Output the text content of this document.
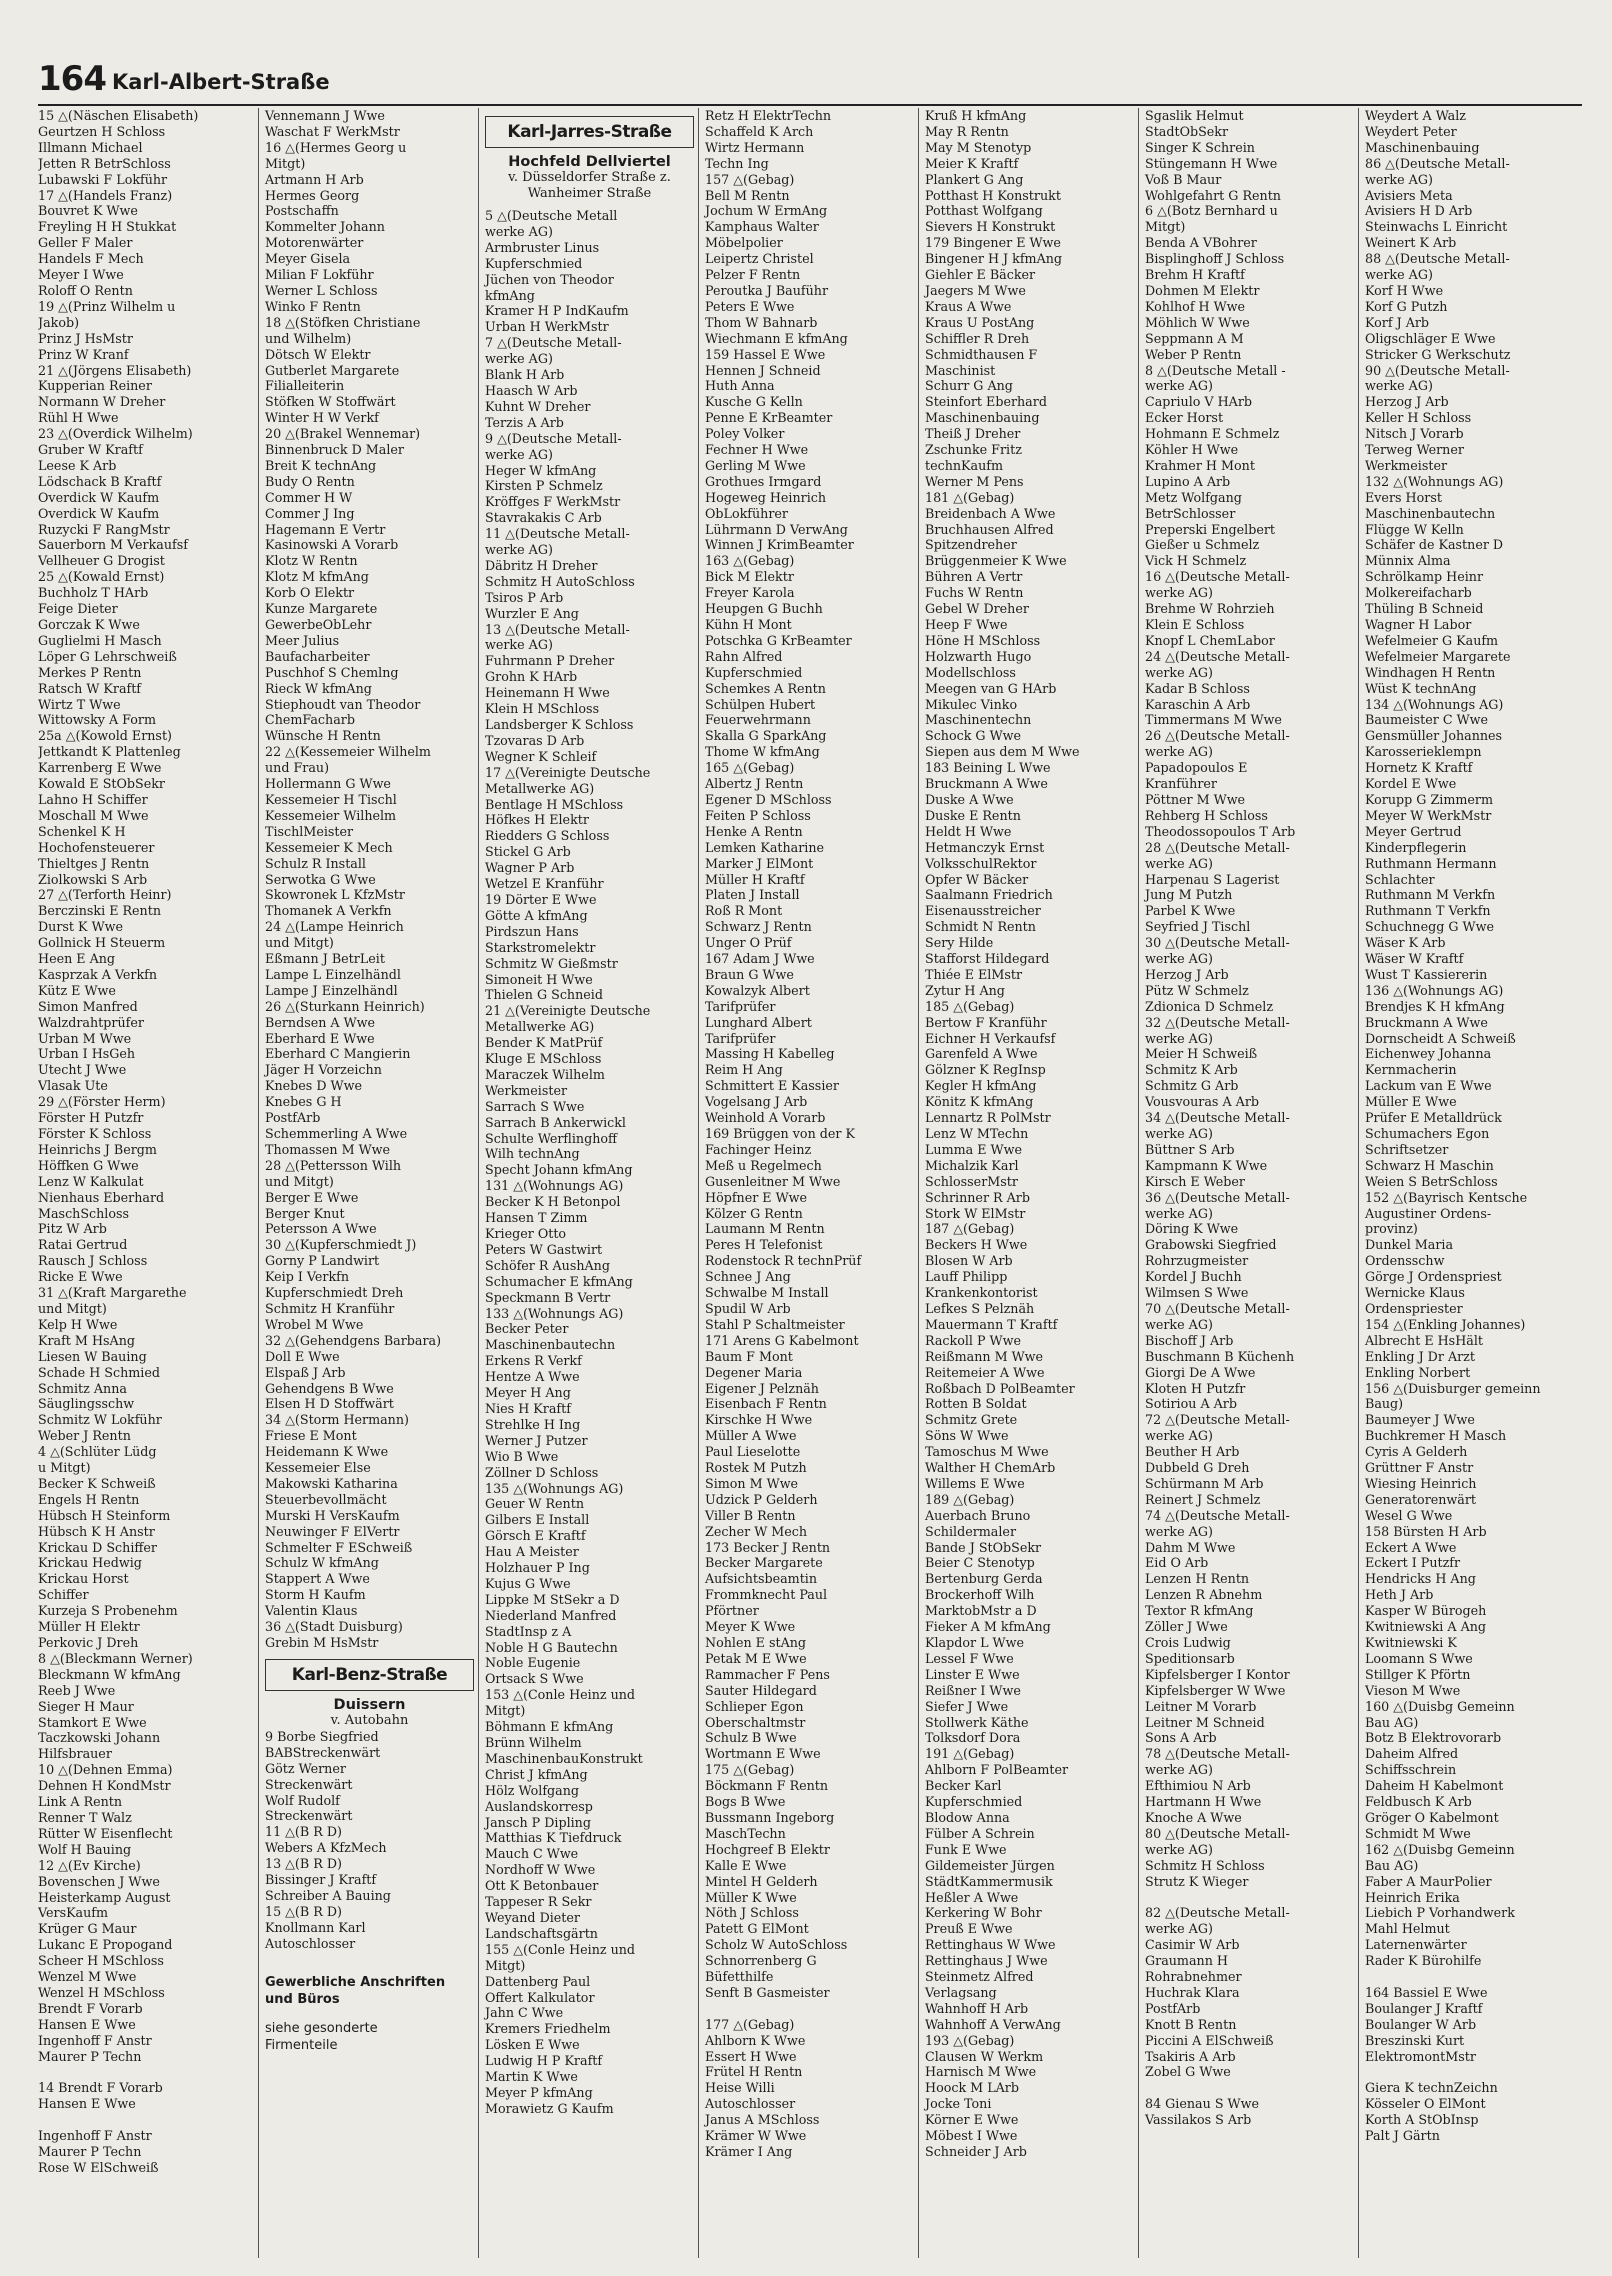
164 Karl-Albert-Straße
15 △(Näschen Elisabeth)
Geurtzen H Schloss
Illmann Michael
Jetten R BetrSchloss
Lubawski F Lokführ
17 △(Handels Franz)
Bouvret K Wwe
Freyling H H Stukkat
Geller F Maler
Handels F Mech
Meyer I Wwe
Roloff O Rentn
19 △(Prinz Wilhelm u
Jakob)
Prinz J HsMstr
Prinz W Kranf
21 △(Jörgens Elisabeth)
Kupperian Reiner
Normann W Dreher
Rühl H Wwe
23 △(Overdick Wilhelm)
Gruber W Kraftf
Leese K Arb
Lödschack B Kraftf
Overdick W Kaufm
Overdick W Kaufm
Ruzycki F RangMstr
Sauerborn M Verkaufsf
Vellheuer G Drogist
25 △(Kowald Ernst)
Buchholz T HArb
Feige Dieter
Gorczak K Wwe
Guglielmi H Masch
Löper G Lehrschweiß
Merkes P Rentn
Ratsch W Kraftf
Wirtz T Wwe
Wittowsky A Form
25a △(Kowold Ernst)
Jettkandt K Plattenleg
Karrenberg E Wwe
Kowald E StObSekr
Lahno H Schiffer
Moschall M Wwe
Schenkel K H
Hochofensteuerer
Thieltges J Rentn
Ziolkowski S Arb
27 △(Terforth Heinr)
Berczinski E Rentn
Durst K Wwe
Gollnick H Steuerm
Heen E Ang
Kasprzak A Verkfn
Kütz E Wwe
Simon Manfred
Walzdrahtprüfer
Urban M Wwe
Urban I HsGeh
Utecht J Wwe
Vlasak Ute
29 △(Förster Herm)
Förster H Putzfr
Förster K Schloss
Heinrichs J Bergm
Höffken G Wwe
Lenz W Kalkulat
Nienhaus Eberhard
MaschSchloss
Pitz W Arb
Ratai Gertrud
Rausch J Schloss
Ricke E Wwe
31 △(Kraft Margarethe
und Mitgt)
Kelp H Wwe
Kraft M HsAng
Liesen W Bauing
Schade H Schmied
Schmitz Anna
Säuglingsschw
Schmitz W Lokführ
Weber J Rentn
4 △(Schlüter Lüdg
u Mitgt)
Becker K Schweiß
Engels H Rentn
Hübsch H Steinform
Hübsch K H Anstr
Krickau D Schiffer
Krickau Hedwig
Krickau Horst
Schiffer
Kurzeja S Probenehm
Müller H Elektr
Perkovic J Dreh
8 △(Bleckmann Werner)
Bleckmann W kfmAng
Reeb J Wwe
Sieger H Maur
Stamkort E Wwe
Taczkowski Johann
Hilfsbrauer
10 △(Dehnen Emma)
Dehnen H KondMstr
Link A Rentn
Renner T Walz
Rütter W Eisenflecht
Wolf H Bauing
12 △(Ev Kirche)
Bovenschen J Wwe
Heisterkamp August
VersKaufm
Krüger G Maur
Lukanc E Propogand
Scheer H MSchloss
Wenzel M Wwe
Wenzel H MSchloss
Brendt F Vorarb
Hansen E Wwe
Ingenhoff F Anstr
Maurer P Techn

14 Brendt F Vorarb
Hansen E Wwe

Ingenhoff F Anstr
Maurer P Techn
Rose W ElSchweiß
Vennemann J Wwe
Waschat F WerkMstr
16 △(Hermes Georg u
Mitgt)
Artmann H Arb
Hermes Georg
Postschaffn
Kommelter Johann
Motorenwärter
Meyer Gisela
Milian F Lokführ
Werner L Schloss
Winko F Rentn
18 △(Stöfken Christiane
und Wilhelm)
Dötsch W Elektr
Gutberlet Margarete
Filialleiterin
Stöfken W Stoffwärt
Winter H W Verkf
20 △(Brakel Wennemar)
Binnenbruck D Maler
Breit K technAng
Budy O Rentn
Commer H W
Commer J Ing
Hagemann E Vertr
Kasinowski A Vorarb
Klotz W Rentn
Klotz M kfmAng
Korb O Elektr
Kunze Margarete
GewerbeObLehr
Meer Julius
Baufacharbeiter
Puschhof S Chemlng
Rieck W kfmAng
Stiephoudt van Theodor
ChemFacharb
Wünsche H Rentn
22 △(Kessemeier Wilhelm
und Frau)
Hollermann G Wwe
Kessemeier H Tischl
Kessemeier Wilhelm
TischlMeister
Kessemeier K Mech
Schulz R Install
Serwotka G Wwe
Skowronek L KfzMstr
Thomanek A Verkfn
24 △(Lampe Heinrich
und Mitgt)
Eßmann J BetrLeit
Lampe L Einzelhändl
Lampe J Einzelhändl
26 △(Sturkann Heinrich)
Berndsen A Wwe
Eberhard E Wwe
Eberhard C Mangierin
Jäger H Vorzeichn
Knebes D Wwe
Knebes G H
PostfArb
Schemmerling A Wwe
Thomassen M Wwe
28 △(Pettersson Wilh
und Mitgt)
Berger E Wwe
Berger Knut
Petersson A Wwe
30 △(Kupferschmiedt J)
Gorny P Landwirt
Keip I Verkfn
Kupferschmiedt Dreh
Schmitz H Kranführ
Wrobel M Wwe
32 △(Gehendgens Barbara)
Doll E Wwe
Elspaß J Arb
Gehendgens B Wwe
Elsen H D Stoffwärt
34 △(Storm Hermann)
Friese E Mont
Heidemann K Wwe
Kessemeier Else
Makowski Katharina
Steuerbevollmächt
Murski H VersKaufm
Neuwinger F ElVertr
Schmelter F ESchweiß
Schulz W kfmAng
Stappert A Wwe
Storm H Kaufm
Valentin Klaus
36 △(Stadt Duisburg)
Grebin M HsMstr
Karl-Benz-Straße
Duissern
v. Autobahn
9 Borbe Siegfried
BABStreckenwärt
Götz Werner
Streckenwärt
Wolf Rudolf
Streckenwärt
11 △(B R D)
Webers A KfzMech
13 △(B R D)
Bissinger J Kraftf
Schreiber A Bauing
15 △(B R D)
Knollmann Karl
Autoschlosser
Gewerbliche Anschriften
und Büros
siehe gesonderte
Firmenteile
Karl-Jarres-Straße
Hochfeld Dellviertel
v. Düsseldorfer Straße z.
Wanheimer Straße
5 △(Deutsche Metall
werke AG)
Armbruster Linus
Kupferschmied
Jüchen von Theodor
kfmAng
Kramer H P IndKaufm
Urban H WerkMstr
7 △(Deutsche Metall-
werke AG)
Blank H Arb
Haasch W Arb
Kuhnt W Dreher
Terzis A Arb
9 △(Deutsche Metall-
werke AG)
Heger W kfmAng
Kirsten P Schmelz
Kröffges F WerkMstr
Stavrakakis C Arb
11 △(Deutsche Metall-
werke AG)
Däbritz H Dreher
Schmitz H AutoSchloss
Tsiros P Arb
Wurzler E Ang
13 △(Deutsche Metall-
werke AG)
Fuhrmann P Dreher
Grohn K HArb
Heinemann H Wwe
Klein H MSchloss
Landsberger K Schloss
Tzovaras D Arb
Wegner K Schleif
17 △(Vereinigte Deutsche
Metallwerke AG)
Bentlage H MSchloss
Höfkes H Elektr
Riedders G Schloss
Stickel G Arb
Wagner P Arb
Wetzel E Kranführ
19 Dörter E Wwe
Götte A kfmAng
Pirdszun Hans
Starkstromelektr
Schmitz W Gießmstr
Simoneit H Wwe
Thielen G Schneid
21 △(Vereinigte Deutsche
Metallwerke AG)
Bender K MatPrüf
Kluge E MSchloss
Maraczek Wilhelm
Werkmeister
Sarrach S Wwe
Sarrach B Ankerwickl
Schulte Werflinghoff
Wilh technAng
Specht Johann kfmAng
131 △(Wohnungs AG)
Becker K H Betonpol
Hansen T Zimm
Krieger Otto
Peters W Gastwirt
Schöfer R AushAng
Schumacher E kfmAng
Speckmann B Vertr
133 △(Wohnungs AG)
Becker Peter
Maschinenbautechn
Erkens R Verkf
Hentze A Wwe
Meyer H Ang
Nies H Kraftf
Strehlke H Ing
Werner J Putzer
Wio B Wwe
Zöllner D Schloss
135 △(Wohnungs AG)
Geuer W Rentn
Gilbers E Install
Görsch E Kraftf
Hau A Meister
Holzhauer P Ing
Kujus G Wwe
Lippke M StSekr a D
Niederland Manfred
StadtInsp z A
Noble H G Bautechn
Noble Eugenie
Ortsack S Wwe
153 △(Conle Heinz und
Mitgt)
Böhmann E kfmAng
Brünn Wilhelm
MaschinenbauKonstrukt
Christ J kfmAng
Hölz Wolfgang
Auslandskorresp
Jansch P Dipling
Matthias K Tiefdruck
Mauch C Wwe
Nordhoff W Wwe
Ott K Betonbauer
Tappeser R Sekr
Weyand Dieter
Landschaftsgärtn
155 △(Conle Heinz und
Mitgt)
Dattenberg Paul
Offert Kalkulator
Jahn C Wwe
Kremers Friedhelm
Lösken E Wwe
Ludwig H P Kraftf
Martin K Wwe
Meyer P kfmAng
Morawietz G Kaufm
Retz H ElektrTechn
Schaffeld K Arch
Wirtz Hermann
Techn Ing
157 △(Gebag)
Bell M Rentn
Jochum W ErmAng
Kamphaus Walter
Möbelpolier
Leipertz Christel
Pelzer F Rentn
Peroutka J Bauführ
Peters E Wwe
Thom W Bahnarb
Wiechmann E kfmAng
159 Hassel E Wwe
Hennen J Schneid
Huth Anna
Kusche G Kelln
Penne E KrBeamter
Poley Volker
Fechner H Wwe
Gerling M Wwe
Grothues Irmgard
Hogeweg Heinrich
ObLokführer
Lührmann D VerwAng
Winnen J KrimBeamter
163 △(Gebag)
Bick M Elektr
Freyer Karola
Heupgen G Buchh
Kühn H Mont
Potschka G KrBeamter
Rahn Alfred
Kupferschmied
Schemkes A Rentn
Schülpen Hubert
Feuerwehrmann
Skalla G SparkAng
Thome W kfmAng
165 △(Gebag)
Albertz J Rentn
Egener D MSchloss
Feiten P Schloss
Henke A Rentn
Lemken Katharine
Marker J ElMont
Müller H Kraftf
Platen J Install
Roß R Mont
Schwarz J Rentn
Unger O Prüf
167 Adam J Wwe
Braun G Wwe
Kowalzyk Albert
Tarifprüfer
Lunghard Albert
Tarifprüfer
Massing H Kabelleg
Reim H Ang
Schmittert E Kassier
Vogelsang J Arb
Weinhold A Vorarb
169 Brüggen von der K
Fachinger Heinz
Meß u Regelmech
Gusenleitner M Wwe
Höpfner E Wwe
Kölzer G Rentn
Laumann M Rentn
Peres H Telefonist
Rodenstock R technPrüf
Schnee J Ang
Schwalbe M Install
Spudil W Arb
Stahl P Schaltmeister
171 Arens G Kabelmont
Baum F Mont
Degener Maria
Eigener J Pelznäh
Eisenbach F Rentn
Kirschke H Wwe
Müller A Wwe
Paul Lieselotte
Rostek M Putzh
Simon M Wwe
Udzick P Gelderh
Viller B Rentn
Zecher W Mech
173 Becker J Rentn
Becker Margarete
Aufsichtsbeamtin
Frommknecht Paul
Pförtner
Meyer K Wwe
Nohlen E stAng
Petak M E Wwe
Rammacher F Pens
Sauter Hildegard
Schlieper Egon
Oberschaltmstr
Schulz B Wwe
Wortmann E Wwe
175 △(Gebag)
Böckmann F Rentn
Bogs B Wwe
Bussmann Ingeborg
MaschTechn
Hochgreef B Elektr
Kalle E Wwe
Mintel H Gelderh
Müller K Wwe
Nöth J Schloss
Patett G ElMont
Scholz W AutoSchloss
Schnorrenberg G
Büfetthilfe
Senft B Gasmeister

177 △(Gebag)
Ahlborn K Wwe
Essert H Wwe
Frütel H Rentn
Heise Willi
Autoschlosser
Janus A MSchloss
Krämer W Wwe
Krämer I Ang
Kruß H kfmAng
May R Rentn
May M Stenotyp
Meier K Kraftf
Plankert G Ang
Potthast H Konstrukt
Potthast Wolfgang
Sievers H Konstrukt
179 Bingener E Wwe
Bingener H J kfmAng
Giehler E Bäcker
Jaegers M Wwe
Kraus A Wwe
Kraus U PostAng
Schiffler R Dreh
Schmidthausen F
Maschinist
Schurr G Ang
Steinfort Eberhard
Maschinenbauing
Theiß J Dreher
Zschunke Fritz
technKaufm
Werner M Pens
181 △(Gebag)
Breidenbach A Wwe
Bruchhausen Alfred
Spitzendreher
Brüggenmeier K Wwe
Bühren A Vertr
Fuchs W Rentn
Gebel W Dreher
Heep F Wwe
Höne H MSchloss
Holzwarth Hugo
Modellschloss
Meegen van G HArb
Mikulec Vinko
Maschinentechn
Schock G Wwe
Siepen aus dem M Wwe
183 Beining L Wwe
Bruckmann A Wwe
Duske A Wwe
Duske E Rentn
Heldt H Wwe
Hetmanczyk Ernst
VolksschulRektor
Opfer W Bäcker
Saalmann Friedrich
Eisenausstreicher
Schmidt N Rentn
Sery Hilde
Stafforst Hildegard
Thiée E ElMstr
Zytur H Ang
185 △(Gebag)
Bertow F Kranführ
Eichner H Verkaufsf
Garenfeld A Wwe
Gölzner K RegInsp
Kegler H kfmAng
Könitz K kfmAng
Lennartz R PolMstr
Lenz W MTechn
Lumma E Wwe
Michalzik Karl
SchlosserMstr
Schrinner R Arb
Stork W ElMstr
187 △(Gebag)
Beckers H Wwe
Blosen W Arb
Lauff Philipp
Krankenkontorist
Lefkes S Pelznäh
Mauermann T Kraftf
Rackoll P Wwe
Reißmann M Wwe
Reitemeier A Wwe
Roßbach D PolBeamter
Rotten B Soldat
Schmitz Grete
Söns W Wwe
Tamoschus M Wwe
Walther H ChemArb
Willems E Wwe
189 △(Gebag)
Auerbach Bruno
Schildermaler
Bande J StObSekr
Beier C Stenotyp
Bertenburg Gerda
Brockerhoff Wilh
MarktobMstr a D
Fieker A M kfmAng
Klapdor L Wwe
Lessel F Wwe
Linster E Wwe
Reißner I Wwe
Siefer J Wwe
Stollwerk Käthe
Tolksdorf Dora
191 △(Gebag)
Ahlborn F PolBeamter
Becker Karl
Kupferschmied
Blodow Anna
Fülber A Schrein
Funk E Wwe
Gildemeister Jürgen
StädtKammermusik
Heßler A Wwe
Kerkering W Bohr
Preuß E Wwe
Rettinghaus W Wwe
Rettinghaus J Wwe
Steinmetz Alfred
Verlagsang
Wahnhoff H Arb
Wahnhoff A VerwAng
193 △(Gebag)
Clausen W Werkm
Harnisch M Wwe
Hoock M LArb
Jocke Toni
Körner E Wwe
Möbest I Wwe
Schneider J Arb
Sgaslik Helmut
StadtObSekr
Singer K Schrein
Stüngemann H Wwe
Voß B Maur
Wohlgefahrt G Rentn
6 △(Botz Bernhard u
Mitgt)
Benda A VBohrer
Bisplinghoff J Schloss
Brehm H Kraftf
Dohmen M Elektr
Kohlhof H Wwe
Möhlich W Wwe
Seppmann A M
Weber P Rentn
8 △(Deutsche Metall -
werke AG)
Capriulo V HArb
Ecker Horst
Hohmann E Schmelz
Köhler H Wwe
Krahmer H Mont
Lupino A Arb
Metz Wolfgang
BetrSchlosser
Preperski Engelbert
Gießer u Schmelz
Vick H Schmelz
16 △(Deutsche Metall-
werke AG)
Brehme W Rohrzieh
Klein E Schloss
Knopf L ChemLabor
24 △(Deutsche Metall-
werke AG)
Kadar B Schloss
Karaschin A Arb
Timmermans M Wwe
26 △(Deutsche Metall-
werke AG)
Papadopoulos E
Kranführer
Pöttner M Wwe
Rehberg H Schloss
Theodossopoulos T Arb
28 △(Deutsche Metall-
werke AG)
Harpenau S Lagerist
Jung M Putzh
Parbel K Wwe
Seyfried J Tischl
30 △(Deutsche Metall-
werke AG)
Herzog J Arb
Pütz W Schmelz
Zdionica D Schmelz
32 △(Deutsche Metall-
werke AG)
Meier H Schweiß
Schmitz K Arb
Schmitz G Arb
Vousvouras A Arb
34 △(Deutsche Metall-
werke AG)
Büttner S Arb
Kampmann K Wwe
Kirsch E Weber
36 △(Deutsche Metall-
werke AG)
Döring K Wwe
Grabowski Siegfried
Rohrzugmeister
Kordel J Buchh
Wilmsen S Wwe
70 △(Deutsche Metall-
werke AG)
Bischoff J Arb
Buschmann B Küchenh
Giorgi De A Wwe
Kloten H Putzfr
Sotiriou A Arb
72 △(Deutsche Metall-
werke AG)
Beuther H Arb
Dubbeld G Dreh
Schürmann M Arb
Reinert J Schmelz
74 △(Deutsche Metall-
werke AG)
Dahm M Wwe
Eid O Arb
Lenzen H Rentn
Lenzen R Abnehm
Textor R kfmAng
Zöller J Wwe
Crois Ludwig
Speditionsarb
Kipfelsberger I Kontor
Kipfelsberger W Wwe
Leitner M Vorarb
Leitner M Schneid
Sons A Arb
78 △(Deutsche Metall-
werke AG)
Efthimiou N Arb
Hartmann H Wwe
Knoche A Wwe
80 △(Deutsche Metall-
werke AG)
Schmitz H Schloss
Strutz K Wieger

82 △(Deutsche Metall-
werke AG)
Casimir W Arb
Graumann H
Rohrabnehmer
Huchrak Klara
PostfArb
Knott B Rentn
Piccini A ElSchweiß
Tsakiris A Arb
Zobel G Wwe

84 Gienau S Wwe
Vassilakos S Arb
Weydert A Walz
Weydert Peter
Maschinenbauing
86 △(Deutsche Metall-
werke AG)
Avisiers Meta
Avisiers H D Arb
Steinwachs L Einricht
Weinert K Arb
88 △(Deutsche Metall-
werke AG)
Korf H Wwe
Korf G Putzh
Korf J Arb
Oligschläger E Wwe
Stricker G Werkschutz
90 △(Deutsche Metall-
werke AG)
Herzog J Arb
Keller H Schloss
Nitsch J Vorarb
Terweg Werner
Werkmeister
132 △(Wohnungs AG)
Evers Horst
Maschinenbautechn
Flügge W Kelln
Schäfer de Kastner D
Münnix Alma
Schrölkamp Heinr
Molkereifacharb
Thüling B Schneid
Wagner H Labor
Wefelmeier G Kaufm
Wefelmeier Margarete
Windhagen H Rentn
Wüst K technAng
134 △(Wohnungs AG)
Baumeister C Wwe
Gensmüller Johannes
Karosserieklempn
Hornetz K Kraftf
Kordel E Wwe
Korupp G Zimmerm
Meyer W WerkMstr
Meyer Gertrud
Kinderpflegerin
Ruthmann Hermann
Schlachter
Ruthmann M Verkfn
Ruthmann T Verkfn
Schuchnegg G Wwe
Wäser K Arb
Wäser W Kraftf
Wust T Kassiererin
136 △(Wohnungs AG)
Brendjes K H kfmAng
Bruckmann A Wwe
Dornscheidt A Schweiß
Eichenwey Johanna
Kernmacherin
Lackum van E Wwe
Müller E Wwe
Prüfer E Metalldrück
Schumachers Egon
Schriftsetzer
Schwarz H Maschin
Weien S BetrSchloss
152 △(Bayrisch Kentsche
Augustiner Ordens-
provinz)
Dunkel Maria
Ordensschw
Görge J Ordenspriest
Wernicke Klaus
Ordenspriester
154 △(Enkling Johannes)
Albrecht E HsHält
Enkling J Dr Arzt
Enkling Norbert
156 △(Duisburger gemeinn
Baug)
Baumeyer J Wwe
Buchkremer H Masch
Cyris A Gelderh
Grüttner F Anstr
Wiesing Heinrich
Generatorenwärt
Wesel G Wwe
158 Bürsten H Arb
Eckert A Wwe
Eckert I Putzfr
Hendricks H Ang
Heth J Arb
Kasper W Bürogeh
Kwitniewski A Ang
Kwitniewski K
Loomann S Wwe
Stillger K Pförtn
Vieson M Wwe
160 △(Duisbg Gemeinn
Bau AG)
Botz B Elektrovorarb
Daheim Alfred
Schiffsschrein
Daheim H Kabelmont
Feldbusch K Arb
Gröger O Kabelmont
Schmidt M Wwe
162 △(Duisbg Gemeinn
Bau AG)
Faber A MaurPolier
Heinrich Erika
Liebich P Vorhandwerk
Mahl Helmut
Laternenwärter
Rader K Bürohilfe

164 Bassiel E Wwe
Boulanger J Kraftf
Boulanger W Arb
Breszinski Kurt
ElektromontMstr

Giera K technZeichn
Kösseler O ElMont
Korth A StObInsp
Palt J Gärtn
